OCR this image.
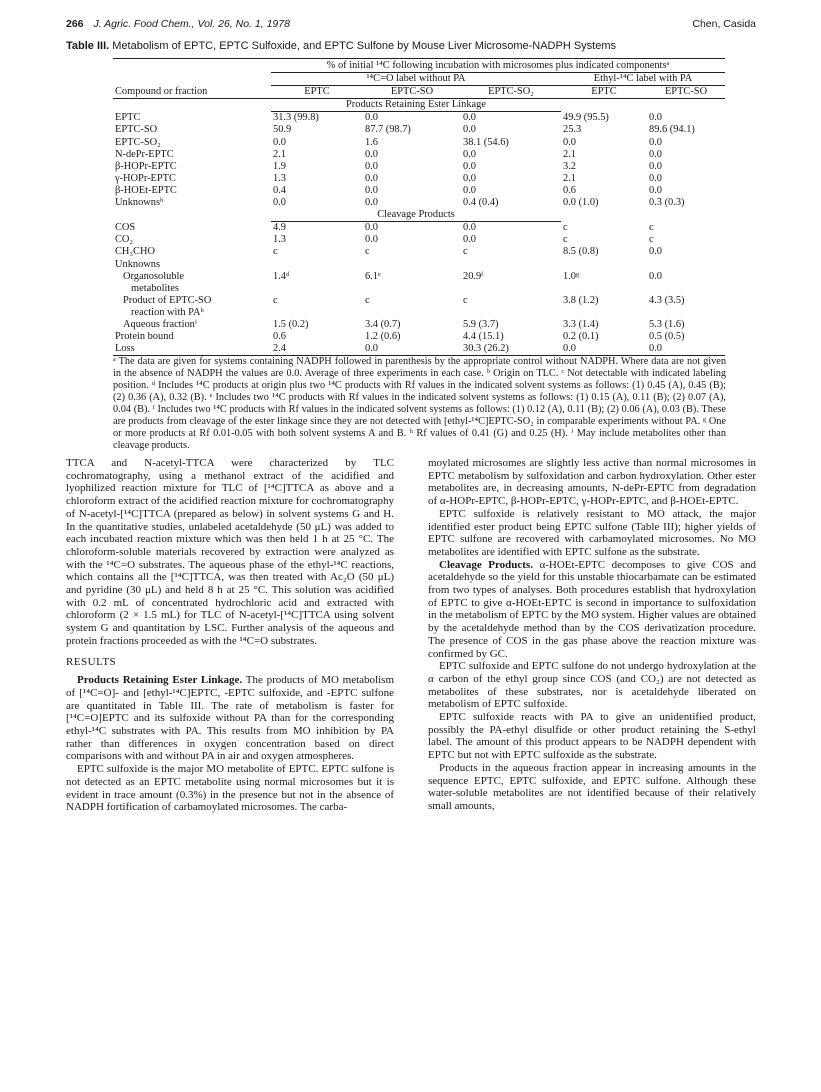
266 J. Agric. Food Chem., Vol. 26, No. 1, 1978	Chen, Casida
Table III. Metabolism of EPTC, EPTC Sulfoxide, and EPTC Sulfone by Mouse Liver Microsome-NADPH Systems
	% of initial ¹⁴C following incubation with microsomes plus indicated componentsᵃ				
	¹⁴C=O label without PA			Ethyl-¹⁴C label with PA	
Compound or fraction	EPTC	EPTC-SO	EPTC-SO₂	EPTC	EPTC-SO
	Products Retaining Ester Linkage				
EPTC	31.3 (99.8)	0.0	0.0	49.9 (95.5)	0.0
EPTC-SO	50.9	87.7 (98.7)	0.0	25.3	89.6 (94.1)
EPTC-SO₂	0.0	1.6	38.1 (54.6)	0.0	0.0
N-dePr-EPTC	2.1	0.0	0.0	2.1	0.0
β-HOPr-EPTC	1.9	0.0	0.0	3.2	0.0
γ-HOPr-EPTC	1.3	0.0	0.0	2.1	0.0
β-HOEt-EPTC	0.4	0.0	0.0	0.6	0.0
Unknownsᵇ	0.0	0.0	0.4 (0.4)	0.0 (1.0)	0.3 (0.3)
	Cleavage Products				
COS	4.9	0.0	0.0	c	c
CO₂	1.3	0.0	0.0	c	c
CH₃CHO	c	c	c	8.5 (0.8)	0.0
Unknowns					
Organosoluble	1.4ᵈ	6.1ᵉ	20.9ᶠ	1.0ᵍ	0.0
metabolites					
Product of EPTC-SO	c	c	c	3.8 (1.2)	4.3 (3.5)
reaction with PAʰ					
Aqueous fractionⁱ	1.5 (0.2)	3.4 (0.7)	5.9 (3.7)	3.3 (1.4)	5.3 (1.6)
Protein bound	0.6	1.2 (0.6)	4.4 (15.1)	0.2 (0.1)	0.5 (0.5)
Loss	2.4	0.0	30.3 (26.2)	0.0	0.0
ᵃ The data are given for systems containing NADPH followed in parenthesis by the appropriate control without NADPH. Where data are not given in the absence of NADPH the values are 0.0. Average of three experiments in each case. ᵇ Origin on TLC. ᶜ Not detectable with indicated labeling position. ᵈ Includes ¹⁴C products at origin plus two ¹⁴C products with Rf values in the indicated solvent systems as follows: (1) 0.45 (A), 0.45 (B); (2) 0.36 (A), 0.32 (B). ᵉ Includes two ¹⁴C products with Rf values in the indicated solvent systems as follows: (1) 0.15 (A), 0.11 (B); (2) 0.07 (A), 0.04 (B). ᶠ Includes two ¹⁴C products with Rf values in the indicated solvent systems as follows: (1) 0.12 (A), 0.11 (B); (2) 0.06 (A), 0.03 (B). These are products from cleavage of the ester linkage since they are not detected with [ethyl-¹⁴C]EPTC-SO₂ in comparable experiments without PA. ᵍ One or more products at Rf 0.01-0.05 with both solvent systems A and B. ʰ Rf values of 0.41 (G) and 0.25 (H). ⁱ May include metabolites other than cleavage products.

TTCA and N-acetyl-TTCA were characterized by TLC cochromatography, using a methanol extract of the acidified and lyophilized reaction mixture for TLC of [¹⁴C]TTCA as above and a chloroform extract of the acidified reaction mixture for cochromatography of N-acetyl-[¹⁴C]TTCA (prepared as below) in solvent systems G and H. In the quantitative studies, unlabeled acetaldehyde (50 μL) was added to each incubated reaction mixture which was then held 1 h at 25 °C. The chloroform-soluble materials recovered by extraction were analyzed as with the ¹⁴C=O substrates. The aqueous phase of the ethyl-¹⁴C reactions, which contains all the [¹⁴C]TTCA, was then treated with Ac₂O (50 μL) and pyridine (30 μL) and held 8 h at 25 °C. This solution was acidified with 0.2 mL of concentrated hydrochloric acid and extracted with chloroform (2 × 1.5 mL) for TLC of N-acetyl-[¹⁴C]TTCA using solvent system G and quantitation by LSC. Further analysis of the aqueous and protein fractions proceeded as with the ¹⁴C=O substrates.

RESULTS

Products Retaining Ester Linkage. The products of MO metabolism of [¹⁴C=O]- and [ethyl-¹⁴C]EPTC, -EPTC sulfoxide, and -EPTC sulfone are quantitated in Table III. The rate of metabolism is faster for [¹⁴C=O]EPTC and its sulfoxide without PA than for the corresponding ethyl-¹⁴C substrates with PA. This results from MO inhibition by PA rather than differences in oxygen concentration based on direct comparisons with and without PA in air and oxygen atmospheres.

EPTC sulfoxide is the major MO metabolite of EPTC. EPTC sulfone is not detected as an EPTC metabolite using normal microsomes but it is evident in trace amount (0.3%) in the presence but not in the absence of NADPH fortification of carbamoylated microsomes. The carba-

moylated microsomes are slightly less active than normal microsomes in EPTC metabolism by sulfoxidation and carbon hydroxylation. Other ester metabolites are, in decreasing amounts, N-dePr-EPTC from degradation of α-HOPr-EPTC, β-HOPr-EPTC, γ-HOPr-EPTC, and β-HOEt-EPTC.

EPTC sulfoxide is relatively resistant to MO attack, the major identified ester product being EPTC sulfone (Table III); higher yields of EPTC sulfone are recovered with carbamoylated microsomes. No MO metabolites are identified with EPTC sulfone as the substrate.

Cleavage Products. α-HOEt-EPTC decomposes to give COS and acetaldehyde so the yield for this unstable thiocarbamate can be estimated from two types of analyses. Both procedures establish that hydroxylation of EPTC to give α-HOEt-EPTC is second in importance to sulfoxidation in the metabolism of EPTC by the MO system. Higher values are obtained by the acetaldehyde method than by the COS derivatization procedure. The presence of COS in the gas phase above the reaction mixture was confirmed by GC.

EPTC sulfoxide and EPTC sulfone do not undergo hydroxylation at the α carbon of the ethyl group since COS (and CO₂) are not detected as metabolites of these substrates, nor is acetaldehyde liberated on metabolism of EPTC sulfoxide.

EPTC sulfoxide reacts with PA to give an unidentified product, possibly the PA-ethyl disulfide or other product retaining the S-ethyl label. The amount of this product appears to be NADPH dependent with EPTC but not with EPTC sulfoxide as the substrate.

Products in the aqueous fraction appear in increasing amounts in the sequence EPTC, EPTC sulfoxide, and EPTC sulfone. Although these water-soluble metabolites are not identified because of their relatively small amounts,
